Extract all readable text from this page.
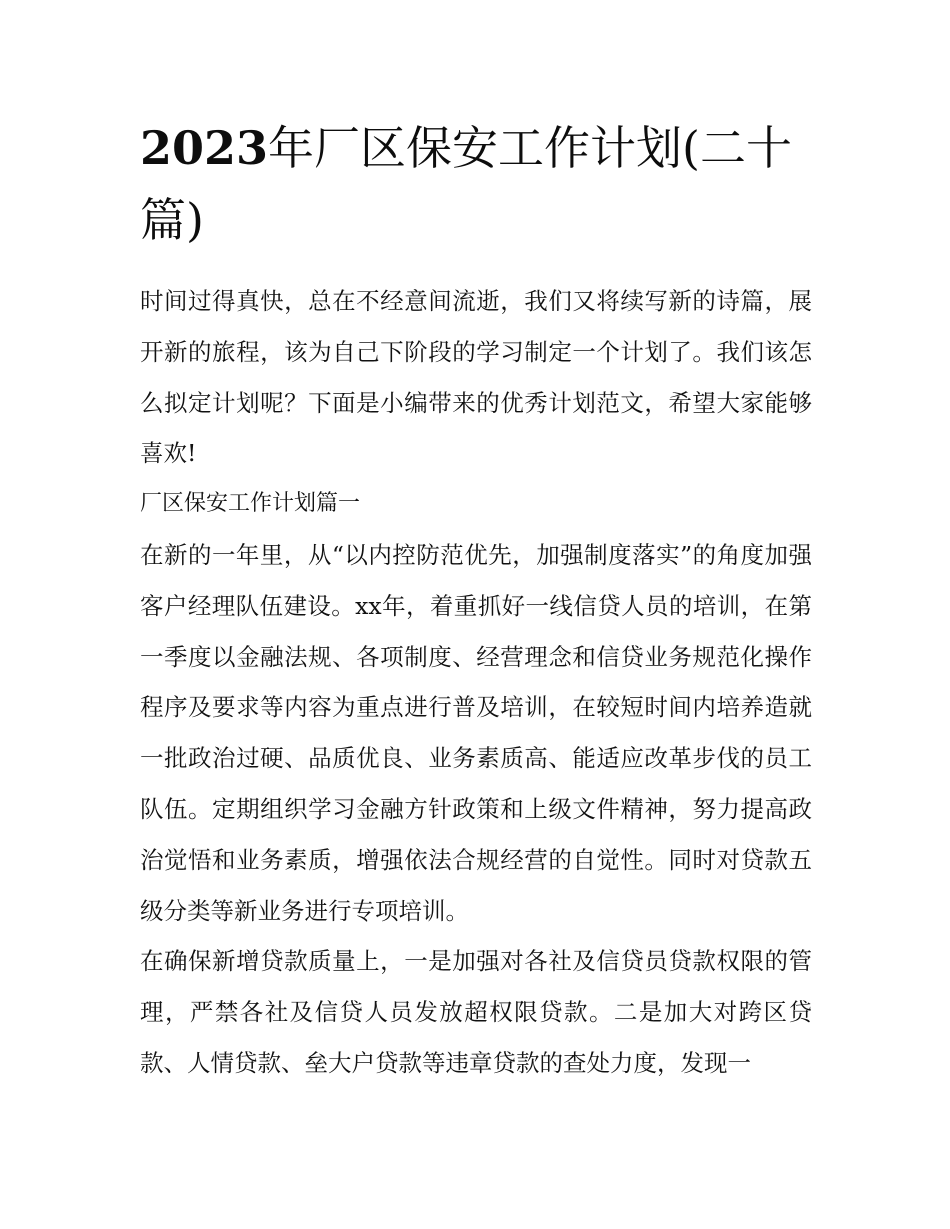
2023年厂区保安工作计划(二十篇)

时间过得真快，总在不经意间流逝，我们又将续写新的诗篇，展开新的旅程，该为自己下阶段的学习制定一个计划了。我们该怎么拟定计划呢？下面是小编带来的优秀计划范文，希望大家能够喜欢!

厂区保安工作计划篇一

在新的一年里，从“以内控防范优先，加强制度落实”的角度加强客户经理队伍建设。xx年，着重抓好一线信贷人员的培训，在第一季度以金融法规、各项制度、经营理念和信贷业务规范化操作程序及要求等内容为重点进行普及培训，在较短时间内培养造就一批政治过硬、品质优良、业务素质高、能适应改革步伐的员工队伍。定期组织学习金融方针政策和上级文件精神，努力提高政治觉悟和业务素质，增强依法合规经营的自觉性。同时对贷款五级分类等新业务进行专项培训。

在确保新增贷款质量上，一是加强对各社及信贷员贷款权限的管理，严禁各社及信贷人员发放超权限贷款。二是加大对跨区贷款、人情贷款、垒大户贷款等违章贷款的查处力度，发现一
